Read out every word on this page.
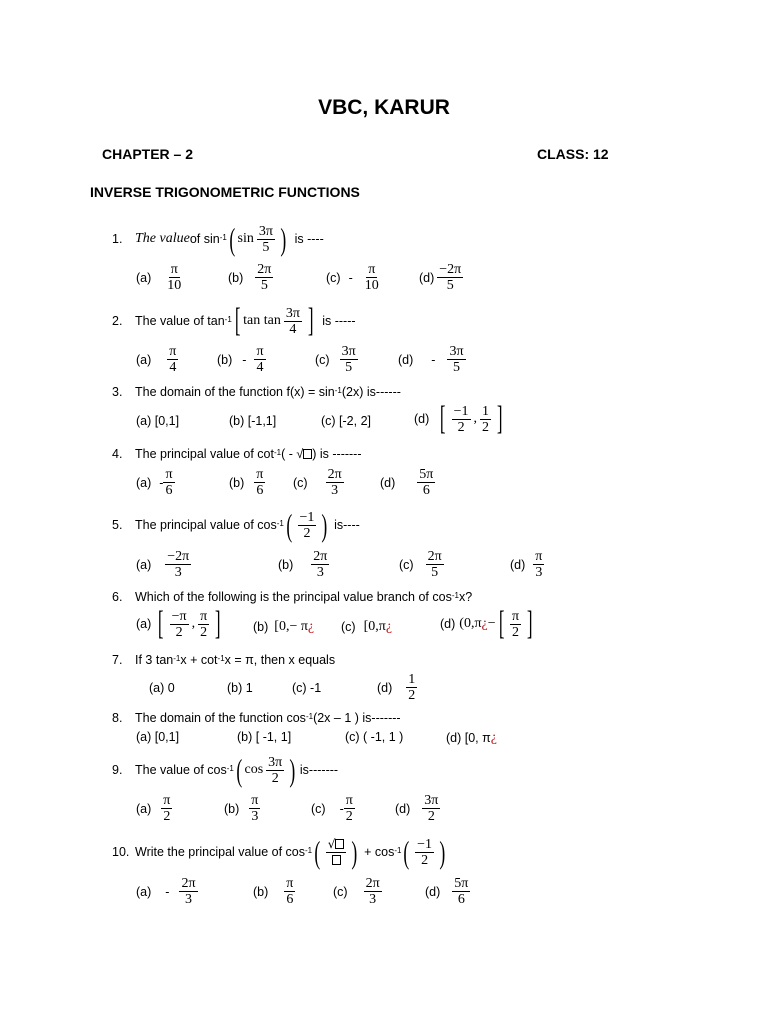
VBC, KARUR
CHAPTER – 2	CLASS: 12
INVERSE TRIGONOMETRIC FUNCTIONS
1. The value of sin -1 ( $\sin \frac{3\pi}{5}$ ) is ----
$(a) \frac{\pi}{10}$	$(b) \frac{2\pi}{5}$	$(c) - \frac{\pi}{10}$	$(d) \frac{-2\pi}{5}$
2.	The value of tan -1 [ $\tan \tan \frac{3\pi}{4}$ ] is -----
$(a) \frac{\pi}{4}$	$(b) - \frac{\pi}{4}$	$(c) \frac{3\pi}{5}$	$(d) - \frac{3\pi}{5}$
3.	The domain of the function f(x) = sin -1 (2x) is------
(a) [0,1]	(b) [-1,1]	(c) [-2, 2]	(d) [ $\frac{-1}{2}$ , $\frac{1}{2}$ ]
4.	The principal value of cot -1 ( - √ ) is -------
$(a) - \frac{\pi}{6}$	$(b) \frac{\pi}{6} (c) \frac{2\pi}{3}$	$(d) \frac{5\pi}{6}$
5.	The principal value of cos -1 ( $\frac{-1}{2}$ ) is----
$(a) \frac{-2\pi}{3}$	$(b) \frac{2\pi}{3}$	$(c) \frac{2\pi}{5}$	$(d) \frac{\pi}{3}$
6.	Which of the following is the principal value branch of cos -1 x?
(a) [ $\frac{-\pi}{2}$ , $\frac{\pi}{2}$ ]	(b) [0,− π ¿ (c) [0,π ¿	(d) (0,π ¿ − [ $\frac{\pi}{2}$ ]
7.	If 3 tan -1 x + cot -1 x = π, then x equals
(a) 0	(b) 1	(c) -1	$(d) \frac{1}{2}$
8.	The domain of the function cos -1 (2x – 1 ) is-------
(a) [0,1]	(b) [ -1, 1]	(c) ( -1, 1 )	(d) [0, π ¿
9.	The value of cos -1 ( $\cos \frac{3\pi}{2}$ ) is-------
$(a) \frac{\pi}{2}$	$(b) \frac{\pi}{3}$	$(c) - \frac{\pi}{2}$	$(d) \frac{3\pi}{2}$
10. Write the principal value of cos -1 ( √ ) + cos -1 ( $\frac{-1}{2}$ )
$(a) - \frac{2\pi}{3}$	$(b) \frac{\pi}{6}$	$(c) \frac{2\pi}{3}$	$(d) \frac{5\pi}{6}$
